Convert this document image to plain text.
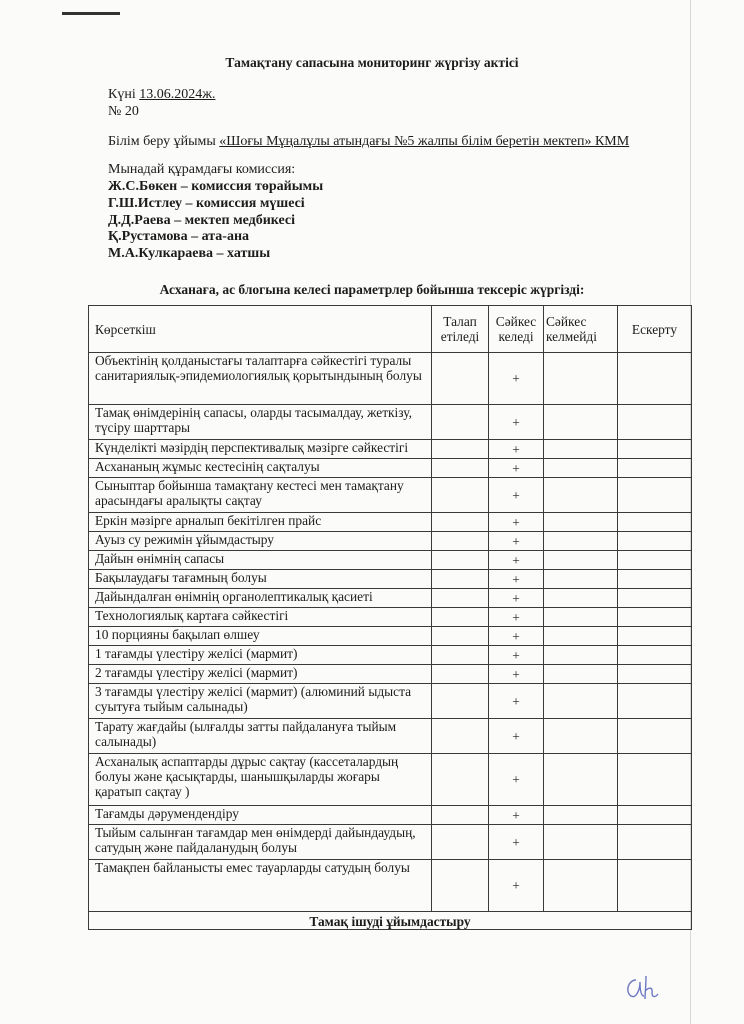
Тамақтану сапасына мониторинг жүргізу актісі
Күні 13.06.2024ж.
№ 20
Білім беру ұйымы «Шоғы Мұңалұлы атындағы №5 жалпы білім беретін мектеп» КММ
Мынадай құрамдағы комиссия:
Ж.С.Бөкен – комиссия төрайымы
Г.Ш.Истлеу – комиссия мүшесі
Д.Д.Раева – мектеп медбикесі
Қ.Рустамова – ата-ана
М.А.Кулкараева – хатшы
Асханаға, ас блогына келесі параметрлер бойынша тексеріс жүргізді:
Көрсеткіш	Талап етіледі	Сәйкес келеді	Сәйкес келмейді	Ескерту
Объектінің қолданыстағы талаптарға сәйкестігі туралы санитариялық-эпидемиологиялық қорытындының болуы		+		
Тамақ өнімдерінің сапасы, оларды тасымалдау, жеткізу, түсіру шарттары		+		
Күнделікті мәзірдің перспективалық мәзірге сәйкестігі		+		
Асхананың жұмыс кестесінің сақталуы		+		
Сыныптар бойынша тамақтану кестесі мен тамақтану арасындағы аралықты сақтау		+		
Еркін мәзірге арналып бекітілген прайс		+		
Ауыз су режимін ұйымдастыру		+		
Дайын өнімнің сапасы		+		
Бақылаудағы тағамның болуы		+		
Дайындалған өнімнің органолептикалық қасиеті		+		
Технологиялық картаға сәйкестігі		+		
10 порцияны бақылап өлшеу		+		
1 тағамды үлестіру желісі (мармит)		+		
2 тағамды үлестіру желісі (мармит)		+		
3 тағамды үлестіру желісі (мармит) (алюминий ыдыста суытуға тыйым салынады)		+		
Тарату жағдайы (ылғалды затты пайдалануға тыйым салынады)		+		
Асханалық аспаптарды дұрыс сақтау (кассеталардың болуы және қасықтарды, шанышқыларды жоғары қаратып сақтау )		+		
Тағамды дәрумендендіру		+		
Тыйым салынған тағамдар мен өнімдерді дайындаудың, сатудың және пайдаланудың болуы		+		
Тамақпен байланысты емес тауарларды сатудың болуы		+		
Тамақ ішуді ұйымдастыру				
